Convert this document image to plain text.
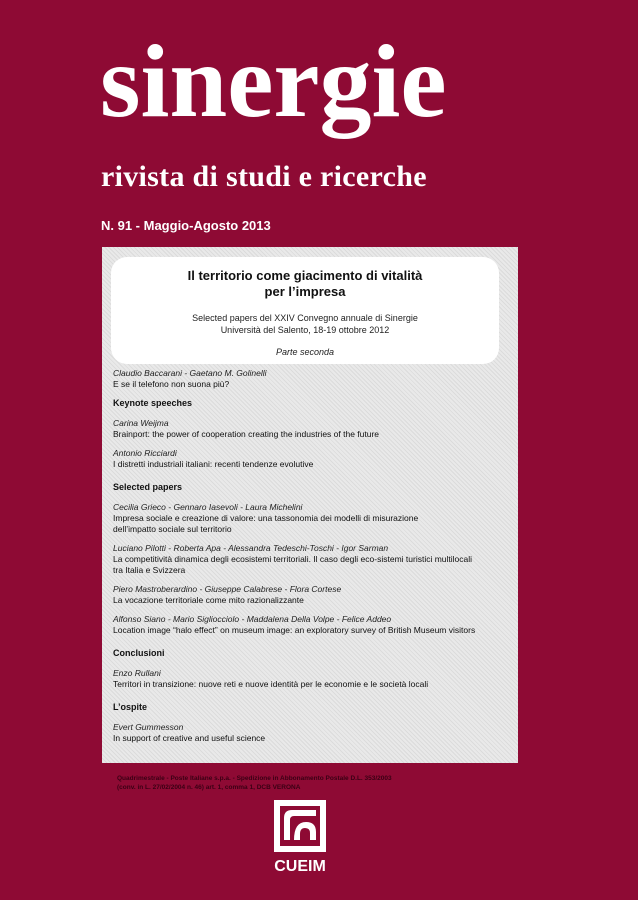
sinergie
rivista di studi e ricerche
N. 91 - Maggio-Agosto 2013
Il territorio come giacimento di vitalità
per l’impresa
Selected papers del XXIV Convegno annuale di Sinergie
Università del Salento, 18-19 ottobre 2012
Parte seconda
Claudio Baccarani - Gaetano M. Golinelli
E se il telefono non suona più?
Keynote speeches
Carina Weijma
Brainport: the power of cooperation creating the industries of the future
Antonio Ricciardi
I distretti industriali italiani: recenti tendenze evolutive
Selected papers
Cecilia Grieco - Gennaro Iasevoli - Laura Michelini
Impresa sociale e creazione di valore: una tassonomia dei modelli di misurazione
dell’impatto sociale sul territorio
Luciano Pilotti - Roberta Apa - Alessandra Tedeschi-Toschi - Igor Sarman
La competitività dinamica degli ecosistemi territoriali. Il caso degli eco-sistemi turistici multilocali
tra Italia e Svizzera
Piero Mastroberardino - Giuseppe Calabrese - Flora Cortese
La vocazione territoriale come mito razionalizzante
Alfonso Siano - Mario Sigliocciolo - Maddalena Della Volpe - Felice Addeo
Location image “halo effect” on museum image: an exploratory survey of British Museum visitors
Conclusioni
Enzo Rullani
Territori in transizione: nuove reti e nuove identità per le economie e le società locali
L’ospite
Evert Gummesson
In support of creative and useful science
Quadrimestrale - Poste Italiane s.p.a. - Spedizione in Abbonamento Postale D.L. 353/2003
(conv. in L. 27/02/2004 n. 46) art. 1, comma 1, DCB VERONA
CUEIM
